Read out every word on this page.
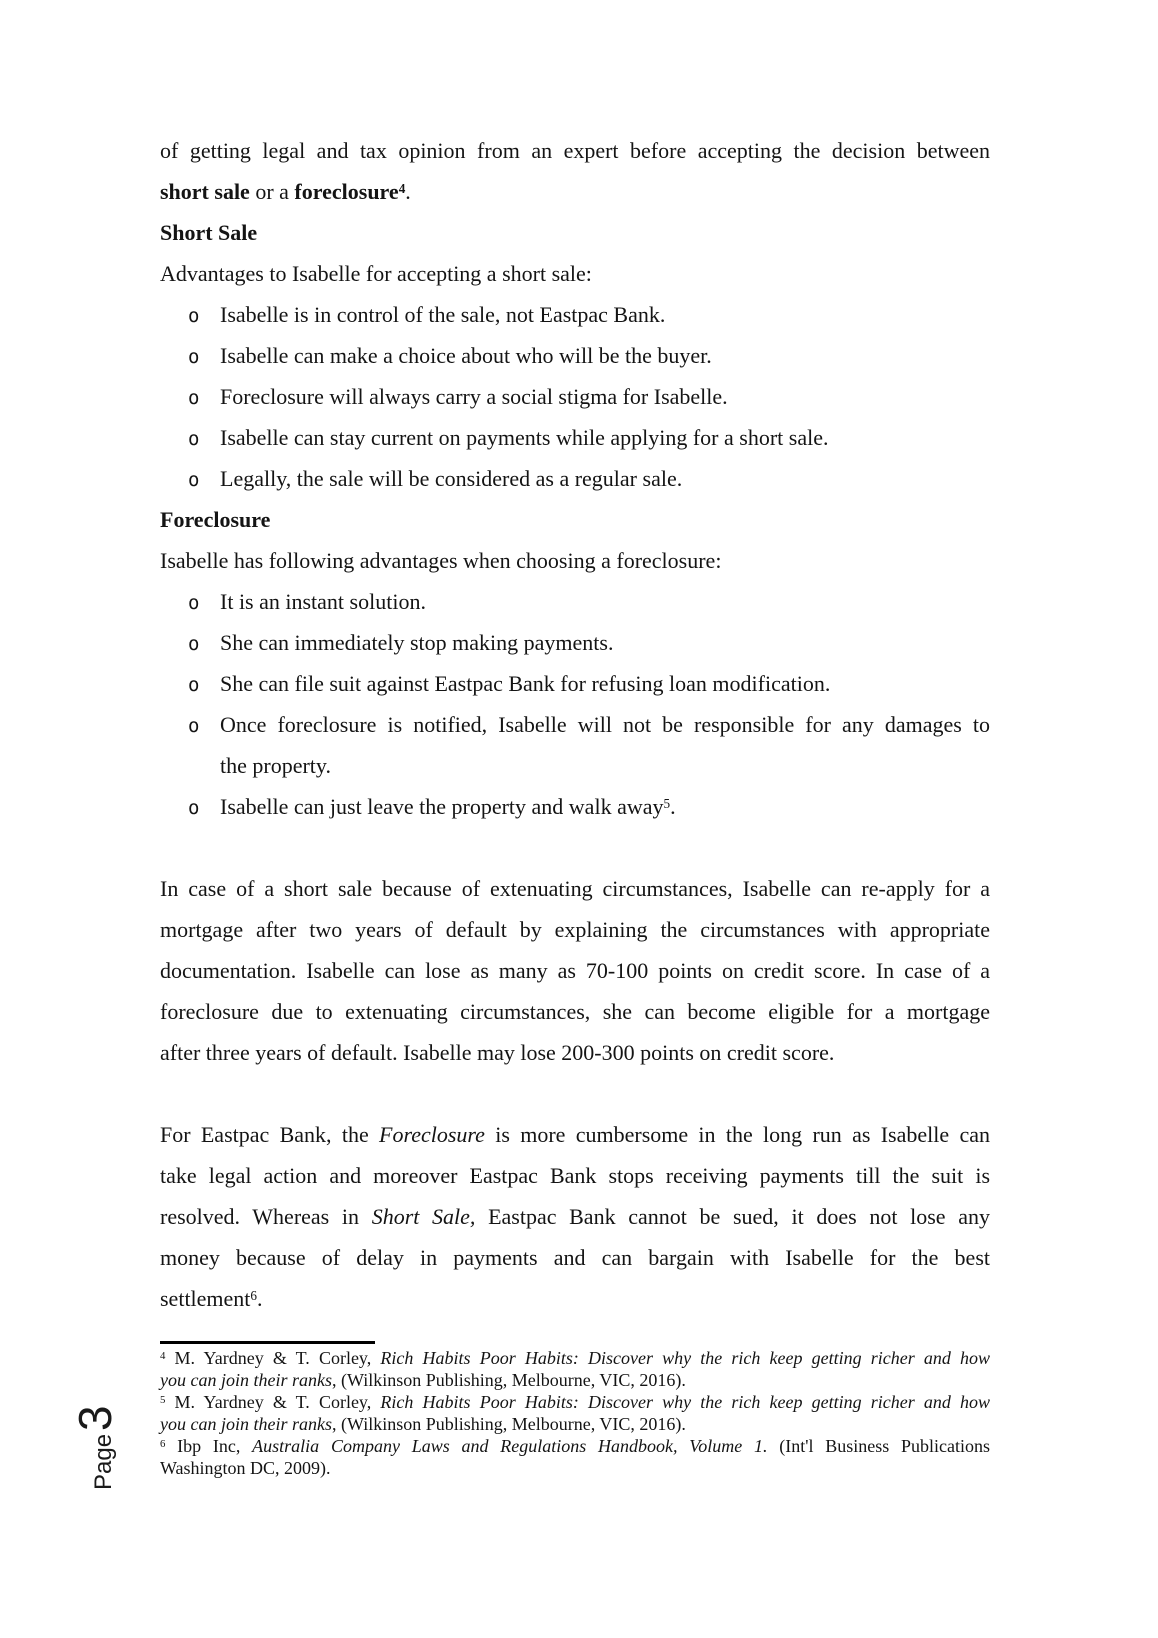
of getting legal and tax opinion from an expert before accepting the decision between
short sale or a foreclosure$^4$.
Short Sale
Advantages to Isabelle for accepting a short sale:
o Isabelle is in control of the sale, not Eastpac Bank.
o Isabelle can make a choice about who will be the buyer.
o Foreclosure will always carry a social stigma for Isabelle.
o Isabelle can stay current on payments while applying for a short sale.
o Legally, the sale will be considered as a regular sale.
Foreclosure
Isabelle has following advantages when choosing a foreclosure:
o It is an instant solution.
o She can immediately stop making payments.
o She can file suit against Eastpac Bank for refusing loan modification.
o Once foreclosure is notified, Isabelle will not be responsible for any damages to
the property.
o Isabelle can just leave the property and walk away$^5$.
In case of a short sale because of extenuating circumstances, Isabelle can re-apply for a
mortgage after two years of default by explaining the circumstances with appropriate
documentation. Isabelle can lose as many as 70-100 points on credit score. In case of a
foreclosure due to extenuating circumstances, she can become eligible for a mortgage
after three years of default. Isabelle may lose 200-300 points on credit score.
For Eastpac Bank, the Foreclosure is more cumbersome in the long run as Isabelle can
take legal action and moreover Eastpac Bank stops receiving payments till the suit is
resolved. Whereas in Short Sale, Eastpac Bank cannot be sued, it does not lose any
money because of delay in payments and can bargain with Isabelle for the best
settlement$^6$.
$^4$ M. Yardney & T. Corley, Rich Habits Poor Habits: Discover why the rich keep getting richer and how
you can join their ranks, (Wilkinson Publishing, Melbourne, VIC, 2016).
$^5$ M. Yardney & T. Corley, Rich Habits Poor Habits: Discover why the rich keep getting richer and how
you can join their ranks, (Wilkinson Publishing, Melbourne, VIC, 2016).
$^6$ Ibp Inc, Australia Company Laws and Regulations Handbook, Volume 1. (Int'l Business Publications
Washington DC, 2009).
Page
3
